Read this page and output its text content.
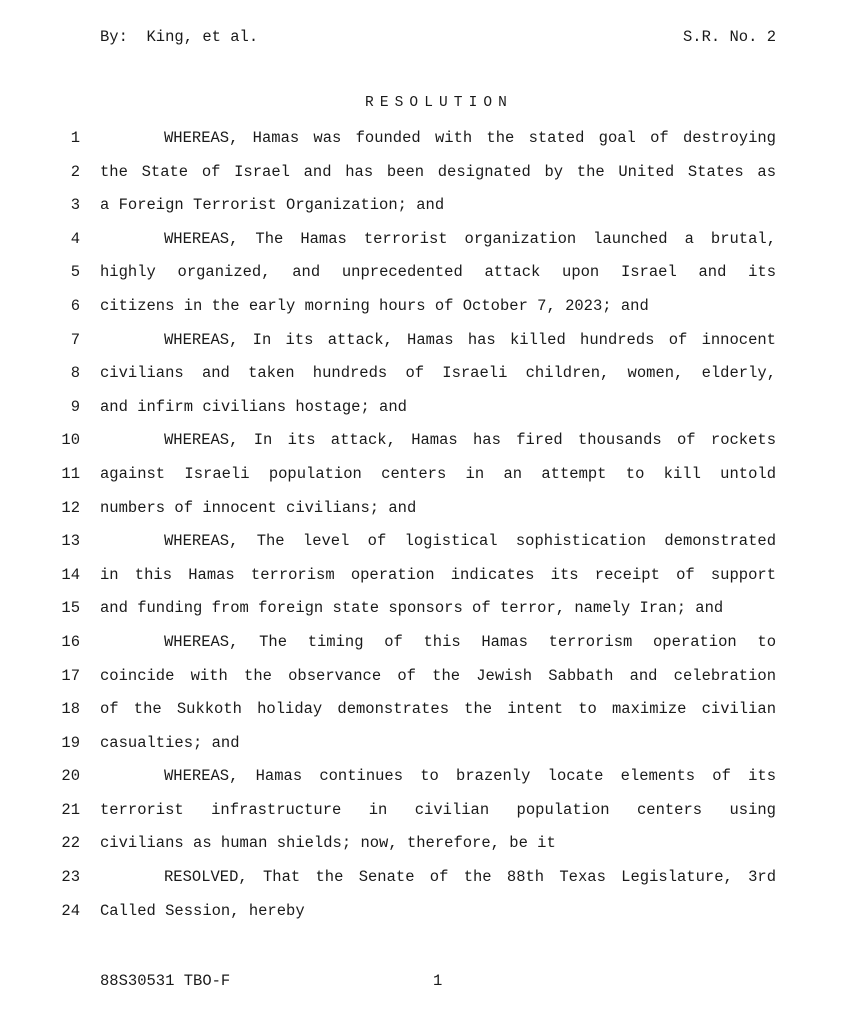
By:  King, et al.	S.R. No. 2
RESOLUTION
1	WHEREAS, Hamas was founded with the stated goal of destroying
2 the State of Israel and has been designated by the United States as
3 a Foreign Terrorist Organization; and
4	WHEREAS, The Hamas terrorist organization launched a brutal,
5 highly organized, and unprecedented attack upon Israel and its
6 citizens in the early morning hours of October 7, 2023; and
7	WHEREAS, In its attack, Hamas has killed hundreds of innocent
8 civilians and taken hundreds of Israeli children, women, elderly,
9 and infirm civilians hostage; and
10	WHEREAS, In its attack, Hamas has fired thousands of rockets
11 against Israeli population centers in an attempt to kill untold
12 numbers of innocent civilians; and
13	WHEREAS, The level of logistical sophistication demonstrated
14 in this Hamas terrorism operation indicates its receipt of support
15 and funding from foreign state sponsors of terror, namely Iran; and
16	WHEREAS, The timing of this Hamas terrorism operation to
17 coincide with the observance of the Jewish Sabbath and celebration
18 of the Sukkoth holiday demonstrates the intent to maximize civilian
19 casualties; and
20	WHEREAS, Hamas continues to brazenly locate elements of its
21 terrorist infrastructure in civilian population centers using
22 civilians as human shields; now, therefore, be it
23	RESOLVED, That the Senate of the 88th Texas Legislature, 3rd
24 Called Session, hereby
88S30531 TBO-F	1
